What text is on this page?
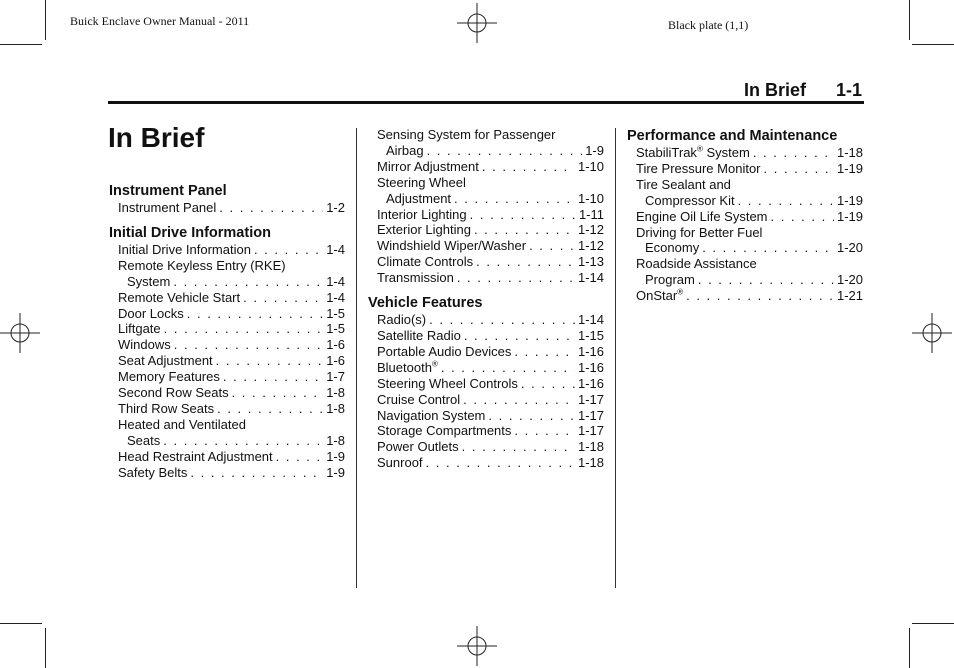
Buick Enclave Owner Manual - 2011	Black plate (1,1)
In Brief 1-1
In Brief
Instrument Panel
Instrument Panel . . .	1-2
Initial Drive Information
Initial Drive Information . . .	1-4
Remote Keyless Entry (RKE)
System . . .	1-4
Remote Vehicle Start . . .	1-4
Door Locks . . .	1-5
Liftgate . . .	1-5
Windows . . .	1-6
Seat Adjustment . . .	1-6
Memory Features . . .	1-7
Second Row Seats . . .	1-8
Third Row Seats . . .	1-8
Heated and Ventilated
Seats . . .	1-8
Head Restraint Adjustment . . .	1-9
Safety Belts . . .	1-9
Sensing System for Passenger
Airbag . . .	1-9
Mirror Adjustment . . .	1-10
Steering Wheel
Adjustment . . .	1-10
Interior Lighting . . .	1-11
Exterior Lighting . . .	1-12
Windshield Wiper/Washer . . .	1-12
Climate Controls . . .	1-13
Transmission . . .	1-14
Vehicle Features
Radio(s) . . .	1-14
Satellite Radio . . .	1-15
Portable Audio Devices . . .	1-16
Bluetooth® . . .	1-16
Steering Wheel Controls . . .	1-16
Cruise Control . . .	1-17
Navigation System . . .	1-17
Storage Compartments . . .	1-17
Power Outlets . . .	1-18
Sunroof . . .	1-18
Performance and Maintenance
StabiliTrak® System . . .	1-18
Tire Pressure Monitor . . .	1-19
Tire Sealant and
Compressor Kit . . .	1-19
Engine Oil Life System . . .	1-19
Driving for Better Fuel
Economy . . .	1-20
Roadside Assistance
Program . . .	1-20
OnStar® . . .	1-21
